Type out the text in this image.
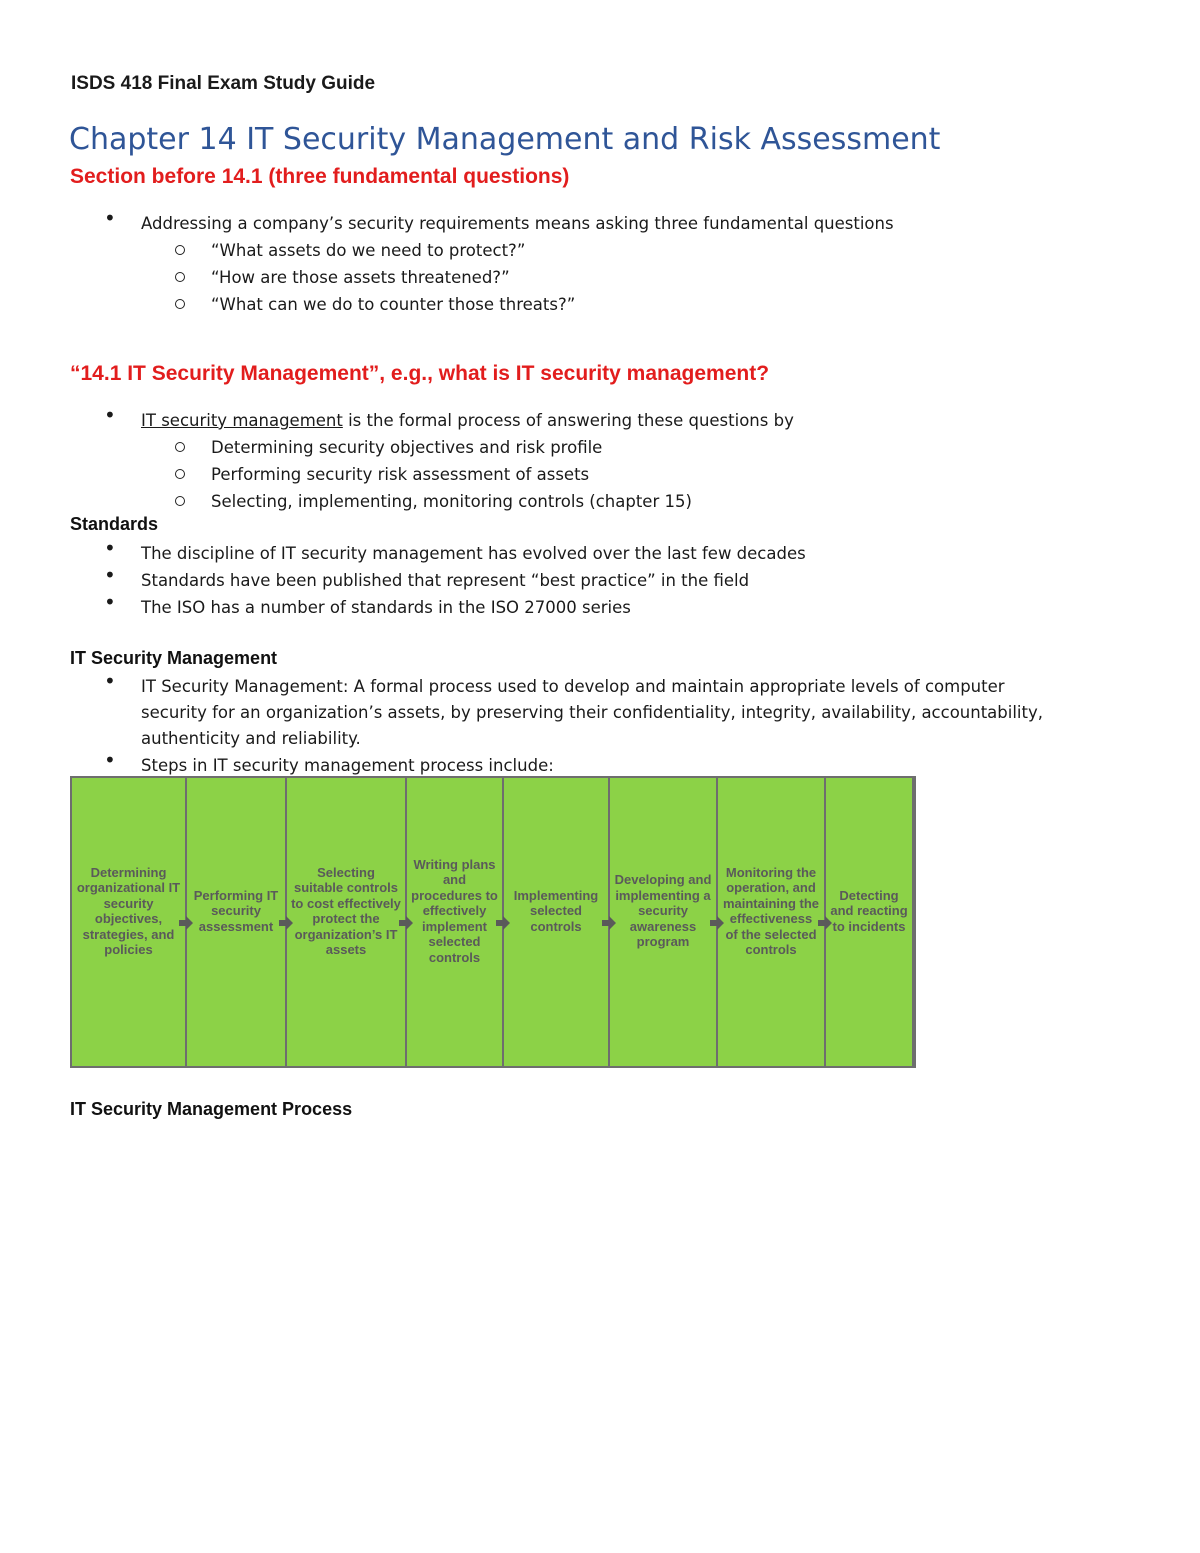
ISDS 418 Final Exam Study Guide
Chapter 14 IT Security Management and Risk Assessment
Section before 14.1 (three fundamental questions)
• Addressing a company’s security requirements means asking three fundamental questions
“What assets do we need to protect?”
“How are those assets threatened?”
“What can we do to counter those threats?”
“14.1 IT Security Management”, e.g., what is IT security management?
• IT security management is the formal process of answering these questions by
Determining security objectives and risk profile
Performing security risk assessment of assets
Selecting, implementing, monitoring controls (chapter 15)
Standards
• The discipline of IT security management has evolved over the last few decades
• Standards have been published that represent “best practice” in the field
• The ISO has a number of standards in the ISO 27000 series
IT Security Management
• IT Security Management: A formal process used to develop and maintain appropriate levels of computer
security for an organization’s assets, by preserving their confidentiality, integrity, availability, accountability,
authenticity and reliability.
• Steps in IT security management process include:
Determining organizational IT security objectives, strategies, and policies
Performing IT security assessment
Selecting suitable controls to cost effectively protect the organization’s IT assets
Writing plans and procedures to effectively implement selected controls
Implementing selected controls
Developing and implementing a security awareness program
Monitoring the operation, and maintaining the effectiveness of the selected controls
Detecting and reacting to incidents
IT Security Management Process
